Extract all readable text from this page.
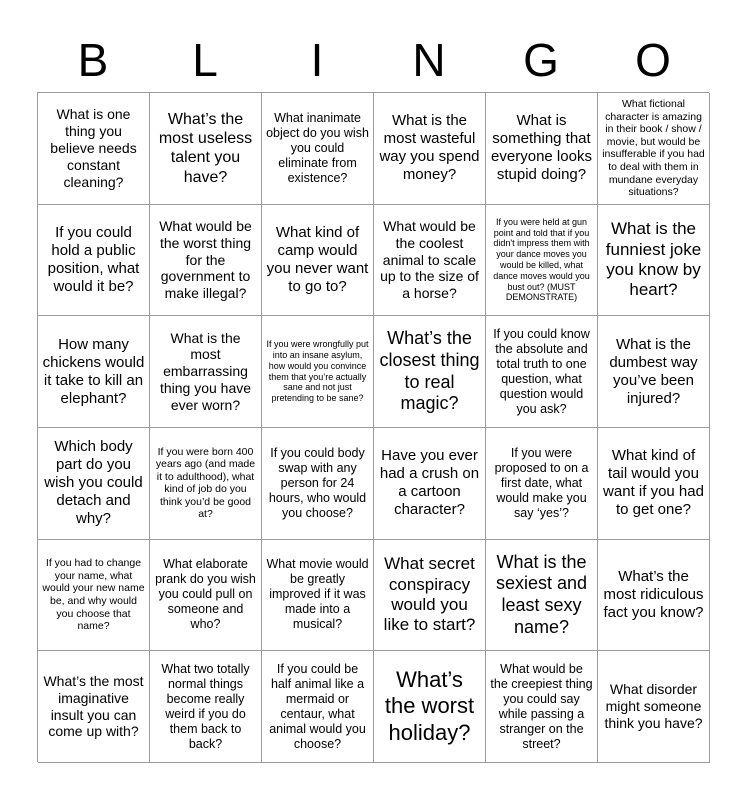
B	L	I	N	G	O
What is one thing you believe needs constant cleaning?
What’s the most useless talent you have?
What inanimate object do you wish you could eliminate from existence?
What is the most wasteful way you spend money?
What is something that everyone looks stupid doing?
What fictional character is amazing in their book / show / movie, but would be insufferable if you had to deal with them in mundane everyday situations?
If you could hold a public position, what would it be?
What would be the worst thing for the government to make illegal?
What kind of camp would you never want to go to?
What would be the coolest animal to scale up to the size of a horse?
If you were held at gun point and told that if you didn't impress them with your dance moves you would be killed, what dance moves would you bust out? (MUST DEMONSTRATE)
What is the funniest joke you know by heart?
How many chickens would it take to kill an elephant?
What is the most embarrassing thing you have ever worn?
If you were wrongfully put into an insane asylum, how would you convince them that you’re actually sane and not just pretending to be sane?
What’s the closest thing to real magic?
If you could know the absolute and total truth to one question, what question would you ask?
What is the dumbest way you’ve been injured?
Which body part do you wish you could detach and why?
If you were born 400 years ago (and made it to adulthood), what kind of job do you think you’d be good at?
If you could body swap with any person for 24 hours, who would you choose?
Have you ever had a crush on a cartoon character?
If you were proposed to on a first date, what would make you say ‘yes’?
What kind of tail would you want if you had to get one?
If you had to change your name, what would your new name be, and why would you choose that name?
What elaborate prank do you wish you could pull on someone and who?
What movie would be greatly improved if it was made into a musical?
What secret conspiracy would you like to start?
What is the sexiest and least sexy name?
What’s the most ridiculous fact you know?
What’s the most imaginative insult you can come up with?
What two totally normal things become really weird if you do them back to back?
If you could be half animal like a mermaid or centaur, what animal would you choose?
What’s the worst holiday?
What would be the creepiest thing you could say while passing a stranger on the street?
What disorder might someone think you have?
